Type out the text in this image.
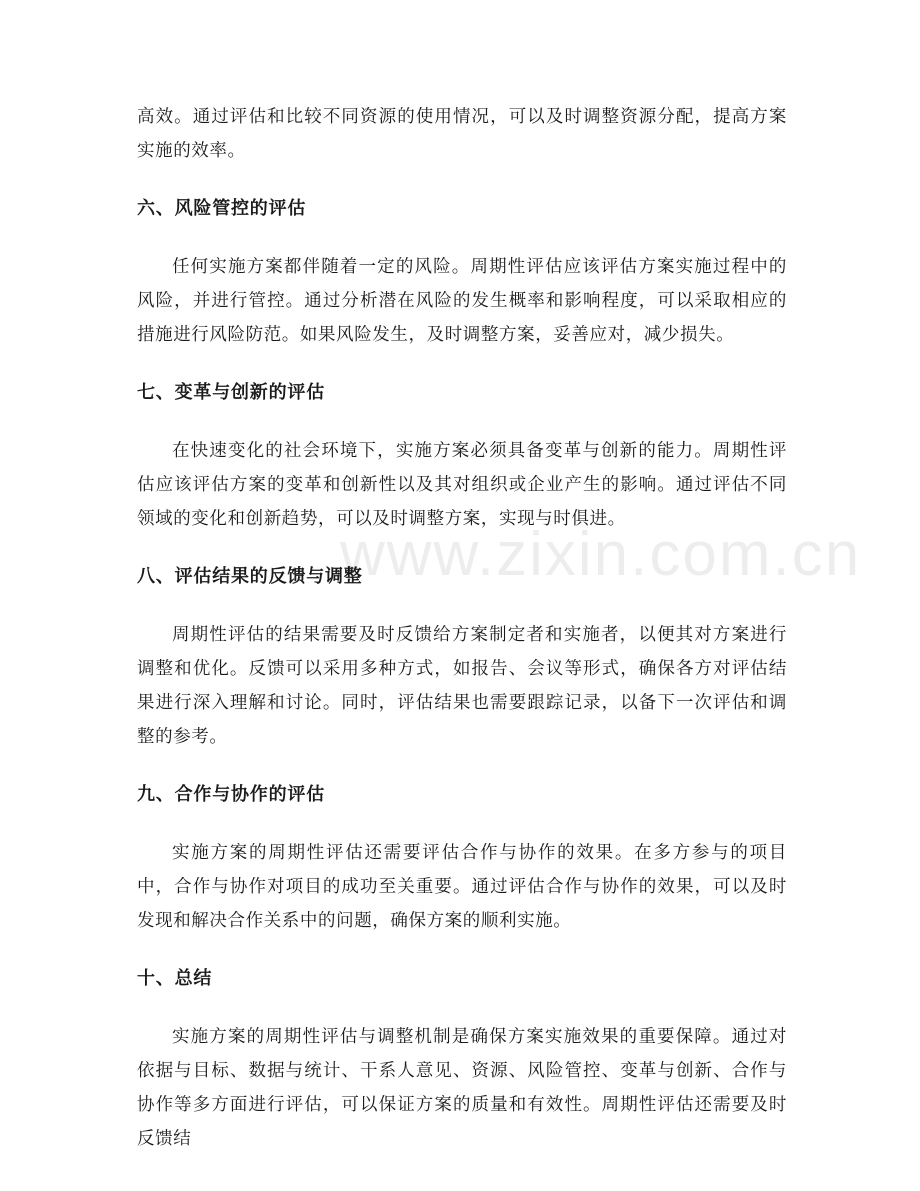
高效。通过评估和比较不同资源的使用情况，可以及时调整资源分配，提高方案实施的效率。

六、风险管控的评估

任何实施方案都伴随着一定的风险。周期性评估应该评估方案实施过程中的风险，并进行管控。通过分析潜在风险的发生概率和影响程度，可以采取相应的措施进行风险防范。如果风险发生，及时调整方案，妥善应对，减少损失。

七、变革与创新的评估

在快速变化的社会环境下，实施方案必须具备变革与创新的能力。周期性评估应该评估方案的变革和创新性以及其对组织或企业产生的影响。通过评估不同领域的变化和创新趋势，可以及时调整方案，实现与时俱进。

八、评估结果的反馈与调整

周期性评估的结果需要及时反馈给方案制定者和实施者，以便其对方案进行调整和优化。反馈可以采用多种方式，如报告、会议等形式，确保各方对评估结果进行深入理解和讨论。同时，评估结果也需要跟踪记录，以备下一次评估和调整的参考。

九、合作与协作的评估

实施方案的周期性评估还需要评估合作与协作的效果。在多方参与的项目中，合作与协作对项目的成功至关重要。通过评估合作与协作的效果，可以及时发现和解决合作关系中的问题，确保方案的顺利实施。

十、总结

实施方案的周期性评估与调整机制是确保方案实施效果的重要保障。通过对依据与目标、数据与统计、干系人意见、资源、风险管控、变革与创新、合作与协作等多方面进行评估，可以保证方案的质量和有效性。周期性评估还需要及时反馈结

www.zixin.com.cn
